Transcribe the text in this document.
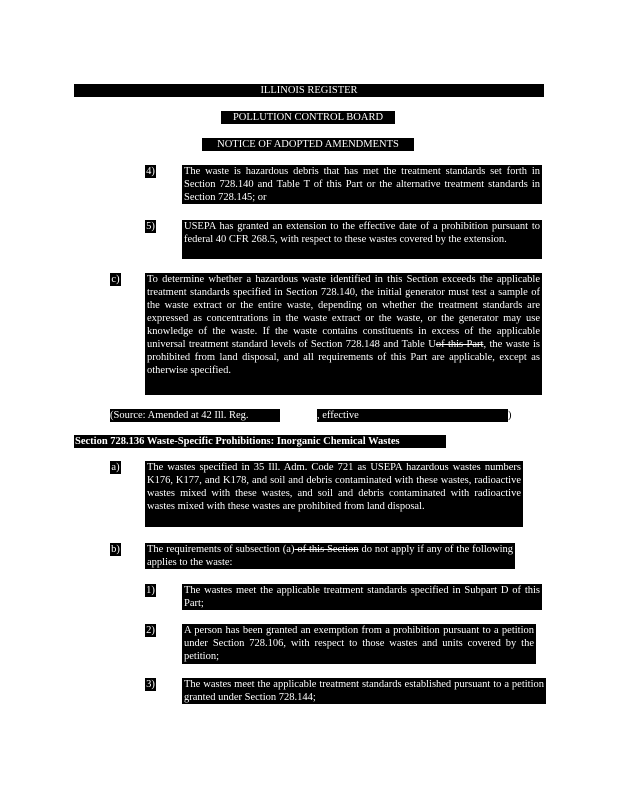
ILLINOIS REGISTER
POLLUTION CONTROL BOARD
NOTICE OF ADOPTED AMENDMENTS
4)	The waste is hazardous debris that has met the treatment standards set forth in Section 728.140 and Table T of this Part or the alternative treatment standards in Section 728.145; or
5)	USEPA has granted an extension to the effective date of a prohibition pursuant to federal 40 CFR 268.5, with respect to these wastes covered by the extension.
c)	To determine whether a hazardous waste identified in this Section exceeds the applicable treatment standards specified in Section 728.140, the initial generator must test a sample of the waste extract or the entire waste, depending on whether the treatment standards are expressed as concentrations in the waste extract or the waste, or the generator may use knowledge of the waste. If the waste contains constituents in excess of the applicable universal treatment standard levels of Section 728.148 and Table Uof this Part, the waste is prohibited from land disposal, and all requirements of this Part are applicable, except as otherwise specified.
(Source: Amended at 42 Ill. Reg.	, effective	)
Section 728.136 Waste-Specific Prohibitions: Inorganic Chemical Wastes
a)	The wastes specified in 35 Ill. Adm. Code 721 as USEPA hazardous wastes numbers K176, K177, and K178, and soil and debris contaminated with these wastes, radioactive wastes mixed with these wastes, and soil and debris contaminated with radioactive wastes mixed with these wastes are prohibited from land disposal.
b)	The requirements of subsection (a) of this Section do not apply if any of the following applies to the waste:
1)	The wastes meet the applicable treatment standards specified in Subpart D of this Part;
2)	A person has been granted an exemption from a prohibition pursuant to a petition under Section 728.106, with respect to those wastes and units covered by the petition;
3)	The wastes meet the applicable treatment standards established pursuant to a petition granted under Section 728.144;
